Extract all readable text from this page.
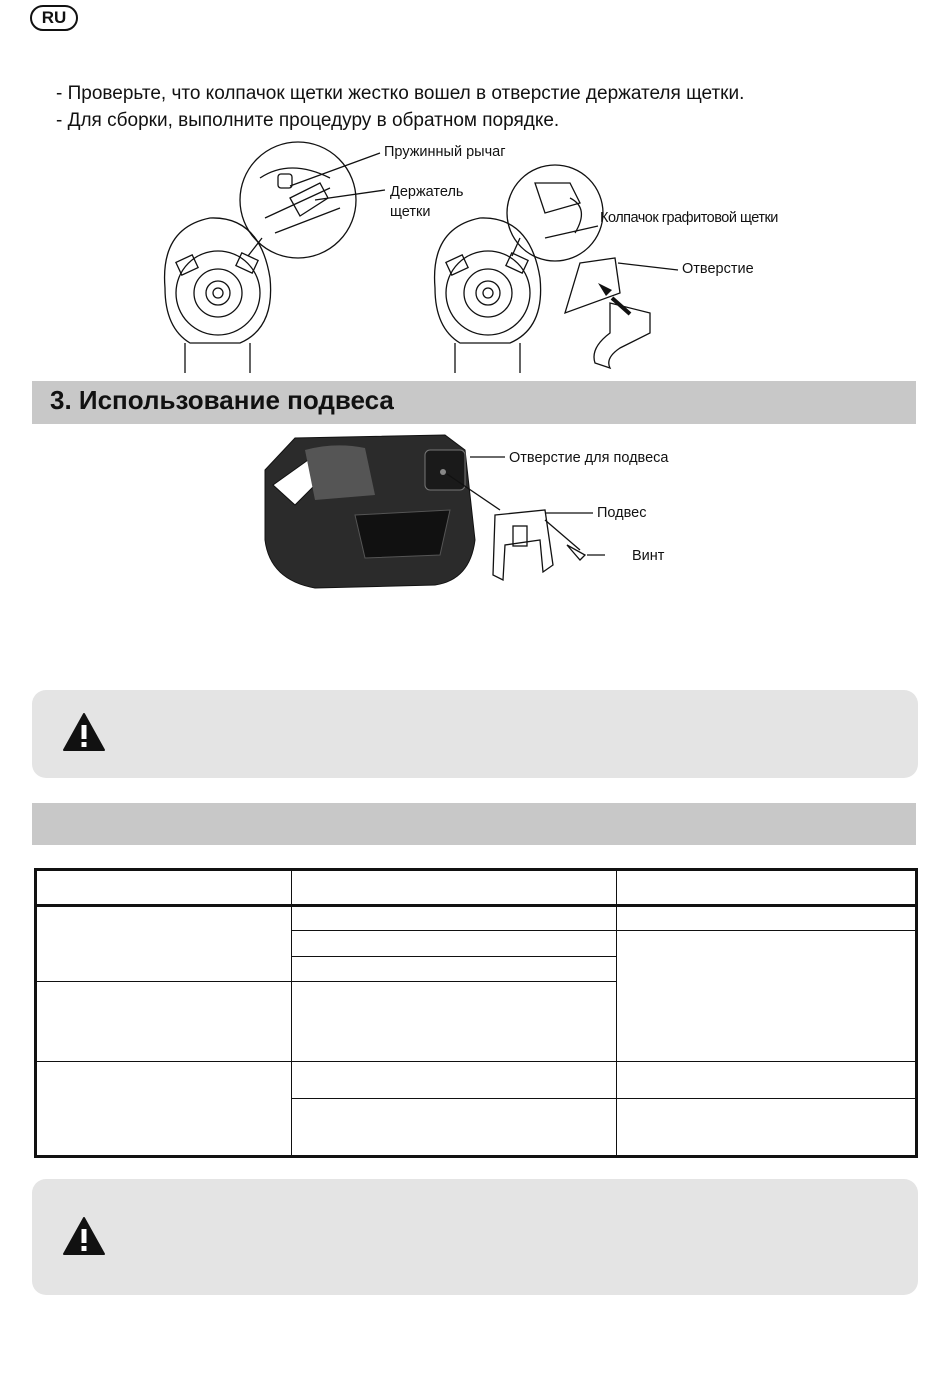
RU
- Проверьте, что колпачок щетки жестко вошел в отверстие держателя щетки.
- Для сборки, выполните процедуру в обратном порядке.
Пружинный рычаг
Держатель
щетки	Колпачок графитовой щетки
Отверстие
3. Использование подвеса
Отверстие для подвеса
Подвес
Винт
